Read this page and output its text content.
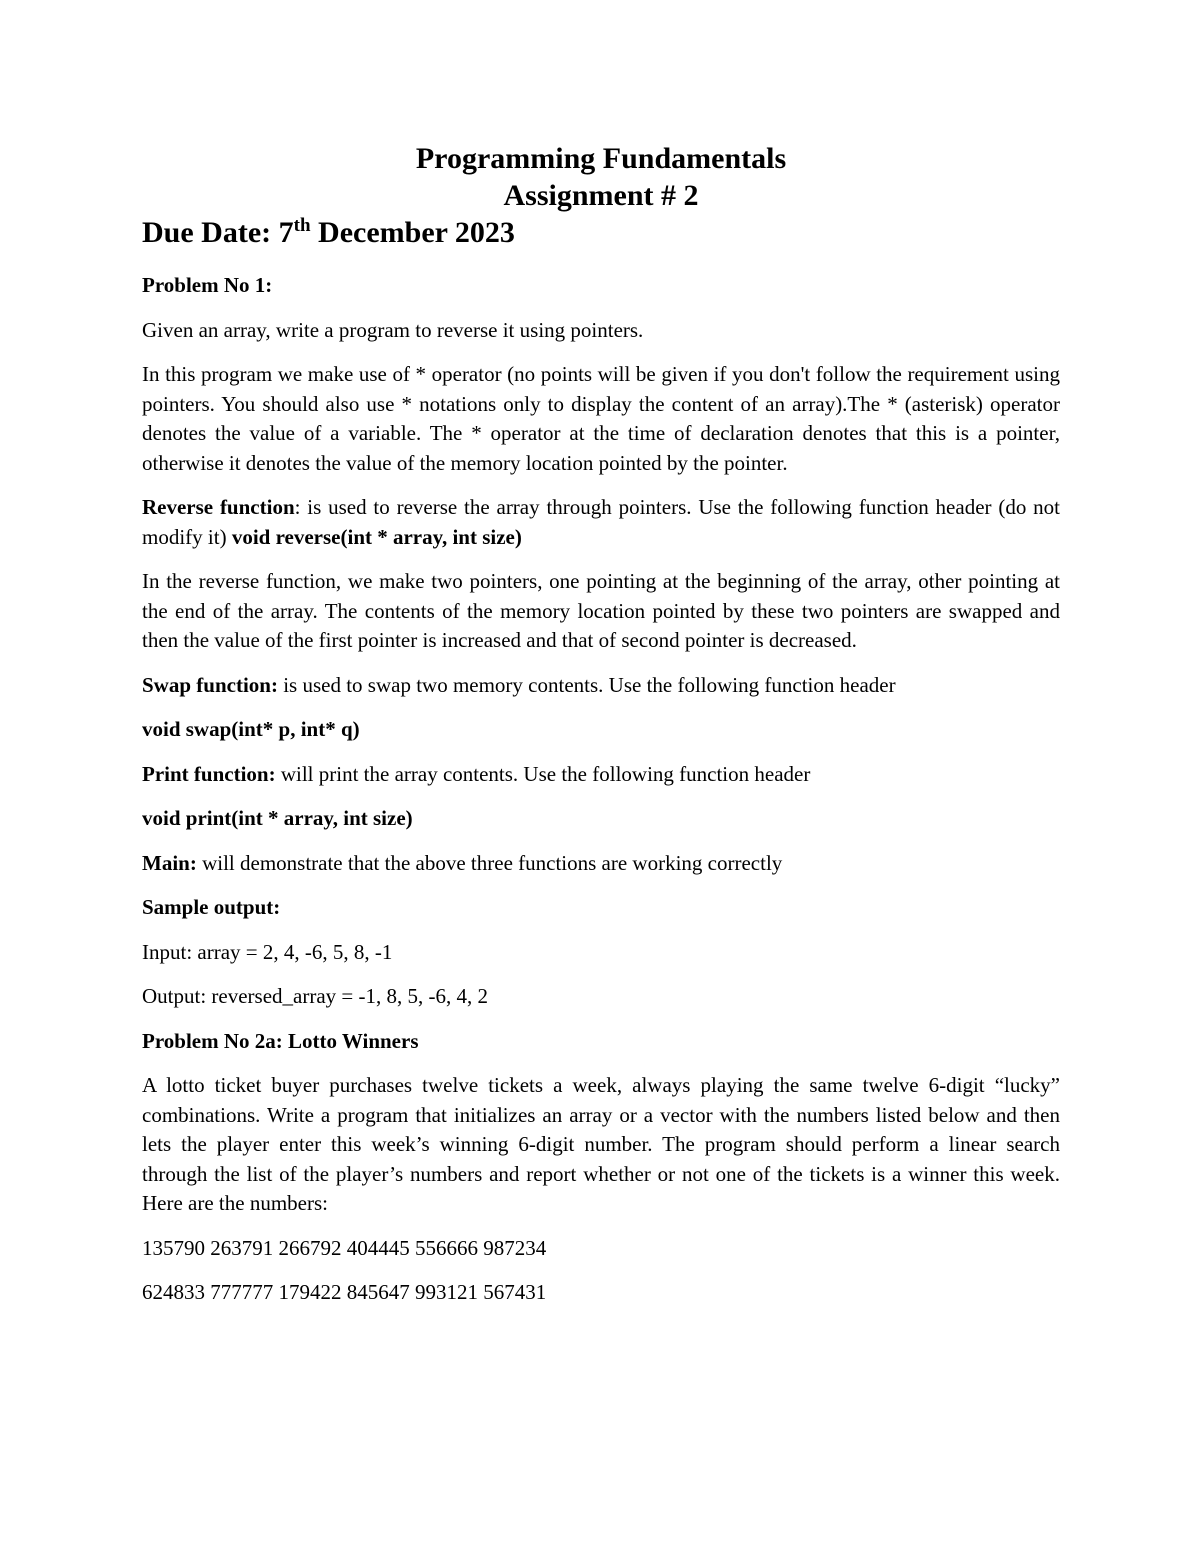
Programming Fundamentals
Assignment # 2
Due Date: 7th December 2023

Problem No 1:

Given an array, write a program to reverse it using pointers.

In this program we make use of * operator (no points will be given if you don't follow the requirement using pointers. You should also use * notations only to display the content of an array).The * (asterisk) operator denotes the value of a variable. The * operator at the time of declaration denotes that this is a pointer, otherwise it denotes the value of the memory location pointed by the pointer.

Reverse function: is used to reverse the array through pointers. Use the following function header (do not modify it) void reverse(int * array, int size)

In the reverse function, we make two pointers, one pointing at the beginning of the array, other pointing at the end of the array. The contents of the memory location pointed by these two pointers are swapped and then the value of the first pointer is increased and that of second pointer is decreased.

Swap function: is used to swap two memory contents. Use the following function header

void swap(int* p, int* q)

Print function: will print the array contents. Use the following function header

void print(int * array, int size)

Main: will demonstrate that the above three functions are working correctly

Sample output:

Input: array = 2, 4, -6, 5, 8, -1

Output: reversed_array = -1, 8, 5, -6, 4, 2

Problem No 2a: Lotto Winners

A lotto ticket buyer purchases twelve tickets a week, always playing the same twelve 6-digit “lucky” combinations. Write a program that initializes an array or a vector with the numbers listed below and then lets the player enter this week’s winning 6-digit number. The program should perform a linear search through the list of the player’s numbers and report whether or not one of the tickets is a winner this week. Here are the numbers:

135790 263791 266792 404445 556666 987234

624833 777777 179422 845647 993121 567431
